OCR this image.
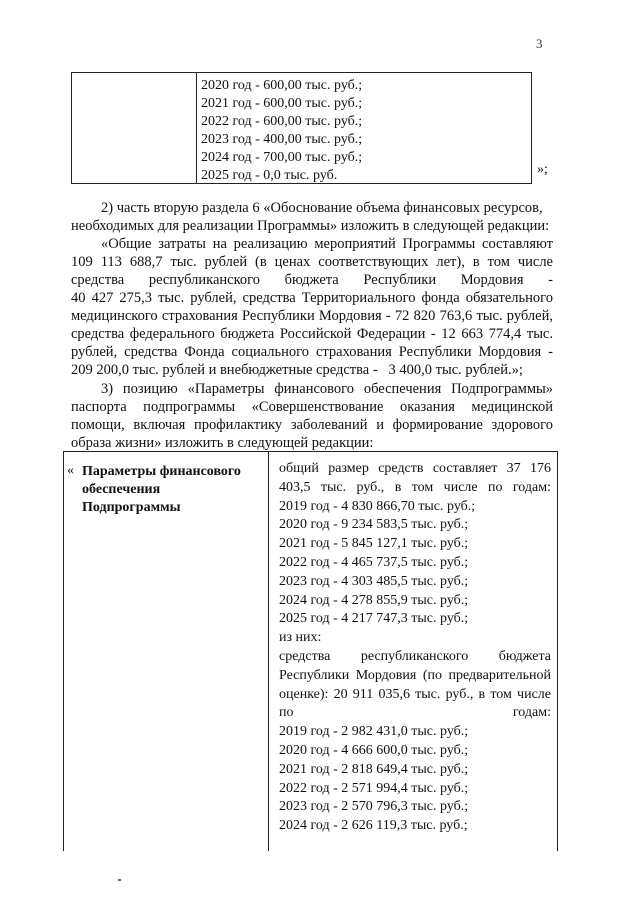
3
2020 год - 600,00 тыс. руб.;
2021 год - 600,00 тыс. руб.;
2022 год - 600,00 тыс. руб.;
2023 год - 400,00 тыс. руб.;
2024 год - 700,00 тыс. руб.;
2025 год - 0,0 тыс. руб.	»;
2) часть вторую раздела 6 «Обоснование объема финансовых ресурсов,
необходимых для реализации Программы» изложить в следующей редакции:
«Общие затраты на реализацию мероприятий Программы составляют
109 113 688,7 тыс. рублей (в ценах соответствующих лет), в том числе
средства республиканского бюджета Республики Мордовия -
40 427 275,3 тыс. рублей, средства Территориального фонда обязательного
медицинского страхования Республики Мордовия - 72 820 763,6 тыс. рублей,
средства федерального бюджета Российской Федерации - 12 663 774,4 тыс.
рублей, средства Фонда социального страхования Республики Мордовия -
209 200,0 тыс. рублей и внебюджетные средства -   3 400,0 тыс. рублей.»;
3) позицию «Параметры финансового обеспечения Подпрограммы»
паспорта подпрограммы «Совершенствование оказания медицинской
помощи, включая профилактику заболеваний и формирование здорового
образа жизни» изложить в следующей редакции:
« Параметры финансового
обеспечения
Подпрограммы
общий размер средств составляет 37 176 403,5 тыс. руб., в том числе по годам:
2019 год - 4 830 866,70 тыс. руб.;
2020 год - 9 234 583,5 тыс. руб.;
2021 год - 5 845 127,1 тыс. руб.;
2022 год - 4 465 737,5 тыс. руб.;
2023 год - 4 303 485,5 тыс. руб.;
2024 год - 4 278 855,9 тыс. руб.;
2025 год - 4 217 747,3 тыс. руб.;
из них:
средства республиканского бюджета Республики Мордовия (по предварительной оценке): 20 911 035,6 тыс. руб., в том числе по годам:
2019 год - 2 982 431,0 тыс. руб.;
2020 год - 4 666 600,0 тыс. руб.;
2021 год - 2 818 649,4 тыс. руб.;
2022 год - 2 571 994,4 тыс. руб.;
2023 год - 2 570 796,3 тыс. руб.;
2024 год - 2 626 119,3 тыс. руб.;
